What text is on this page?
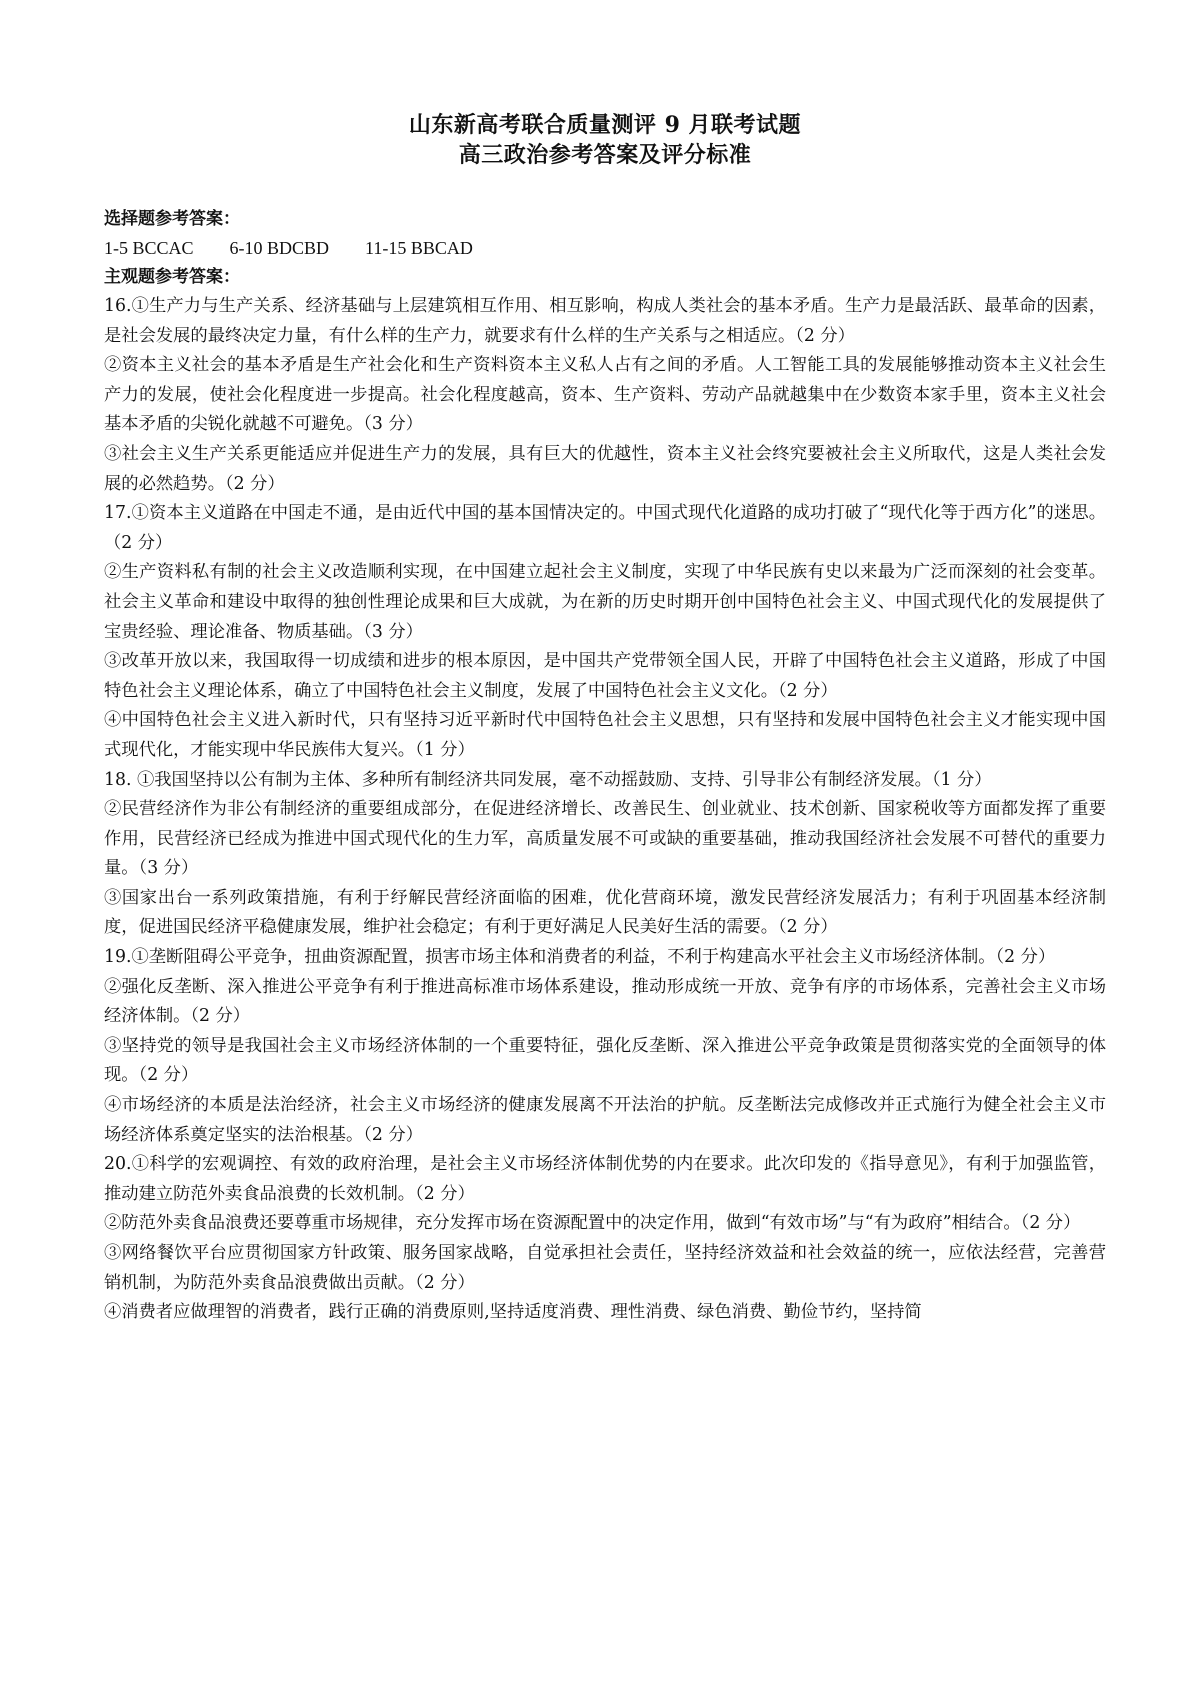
山东新高考联合质量测评 9 月联考试题
高三政治参考答案及评分标准

选择题参考答案：

1-5 BCCAC        6-10 BDCBD        11-15 BBCAD

主观题参考答案：

16.①生产力与生产关系、经济基础与上层建筑相互作用、相互影响，构成人类社会的基本矛盾。生产力是最活跃、最革命的因素，是社会发展的最终决定力量，有什么样的生产力，就要求有什么样的生产关系与之相适应。（2 分）

②资本主义社会的基本矛盾是生产社会化和生产资料资本主义私人占有之间的矛盾。人工智能工具的发展能够推动资本主义社会生产力的发展，使社会化程度进一步提高。社会化程度越高，资本、生产资料、劳动产品就越集中在少数资本家手里，资本主义社会基本矛盾的尖锐化就越不可避免。（3 分）

③社会主义生产关系更能适应并促进生产力的发展，具有巨大的优越性，资本主义社会终究要被社会主义所取代，这是人类社会发展的必然趋势。（2 分）

17.①资本主义道路在中国走不通，是由近代中国的基本国情决定的。中国式现代化道路的成功打破了“现代化等于西方化”的迷思。（2 分）

②生产资料私有制的社会主义改造顺利实现，在中国建立起社会主义制度，实现了中华民族有史以来最为广泛而深刻的社会变革。社会主义革命和建设中取得的独创性理论成果和巨大成就，为在新的历史时期开创中国特色社会主义、中国式现代化的发展提供了宝贵经验、理论准备、物质基础。（3 分）

③改革开放以来，我国取得一切成绩和进步的根本原因，是中国共产党带领全国人民，开辟了中国特色社会主义道路，形成了中国特色社会主义理论体系，确立了中国特色社会主义制度，发展了中国特色社会主义文化。（2 分）

④中国特色社会主义进入新时代，只有坚持习近平新时代中国特色社会主义思想，只有坚持和发展中国特色社会主义才能实现中国式现代化，才能实现中华民族伟大复兴。（1 分）

18. ①我国坚持以公有制为主体、多种所有制经济共同发展，毫不动摇鼓励、支持、引导非公有制经济发展。（1 分）

②民营经济作为非公有制经济的重要组成部分，在促进经济增长、改善民生、创业就业、技术创新、国家税收等方面都发挥了重要作用，民营经济已经成为推进中国式现代化的生力军，高质量发展不可或缺的重要基础，推动我国经济社会发展不可替代的重要力量。（3 分）

③国家出台一系列政策措施，有利于纾解民营经济面临的困难，优化营商环境，激发民营经济发展活力；有利于巩固基本经济制度，促进国民经济平稳健康发展，维护社会稳定；有利于更好满足人民美好生活的需要。（2 分）

19.①垄断阻碍公平竞争，扭曲资源配置，损害市场主体和消费者的利益，不利于构建高水平社会主义市场经济体制。（2 分）

②强化反垄断、深入推进公平竞争有利于推进高标准市场体系建设，推动形成统一开放、竞争有序的市场体系，完善社会主义市场经济体制。（2 分）

③坚持党的领导是我国社会主义市场经济体制的一个重要特征，强化反垄断、深入推进公平竞争政策是贯彻落实党的全面领导的体现。（2 分）

④市场经济的本质是法治经济，社会主义市场经济的健康发展离不开法治的护航。反垄断法完成修改并正式施行为健全社会主义市场经济体系奠定坚实的法治根基。（2 分）

20.①科学的宏观调控、有效的政府治理，是社会主义市场经济体制优势的内在要求。此次印发的《指导意见》，有利于加强监管，推动建立防范外卖食品浪费的长效机制。（2 分）

②防范外卖食品浪费还要尊重市场规律，充分发挥市场在资源配置中的决定作用，做到“有效市场”与“有为政府”相结合。（2 分）

③网络餐饮平台应贯彻国家方针政策、服务国家战略，自觉承担社会责任，坚持经济效益和社会效益的统一，应依法经营，完善营销机制，为防范外卖食品浪费做出贡献。（2 分）

④消费者应做理智的消费者，践行正确的消费原则,坚持适度消费、理性消费、绿色消费、勤俭节约，坚持简
